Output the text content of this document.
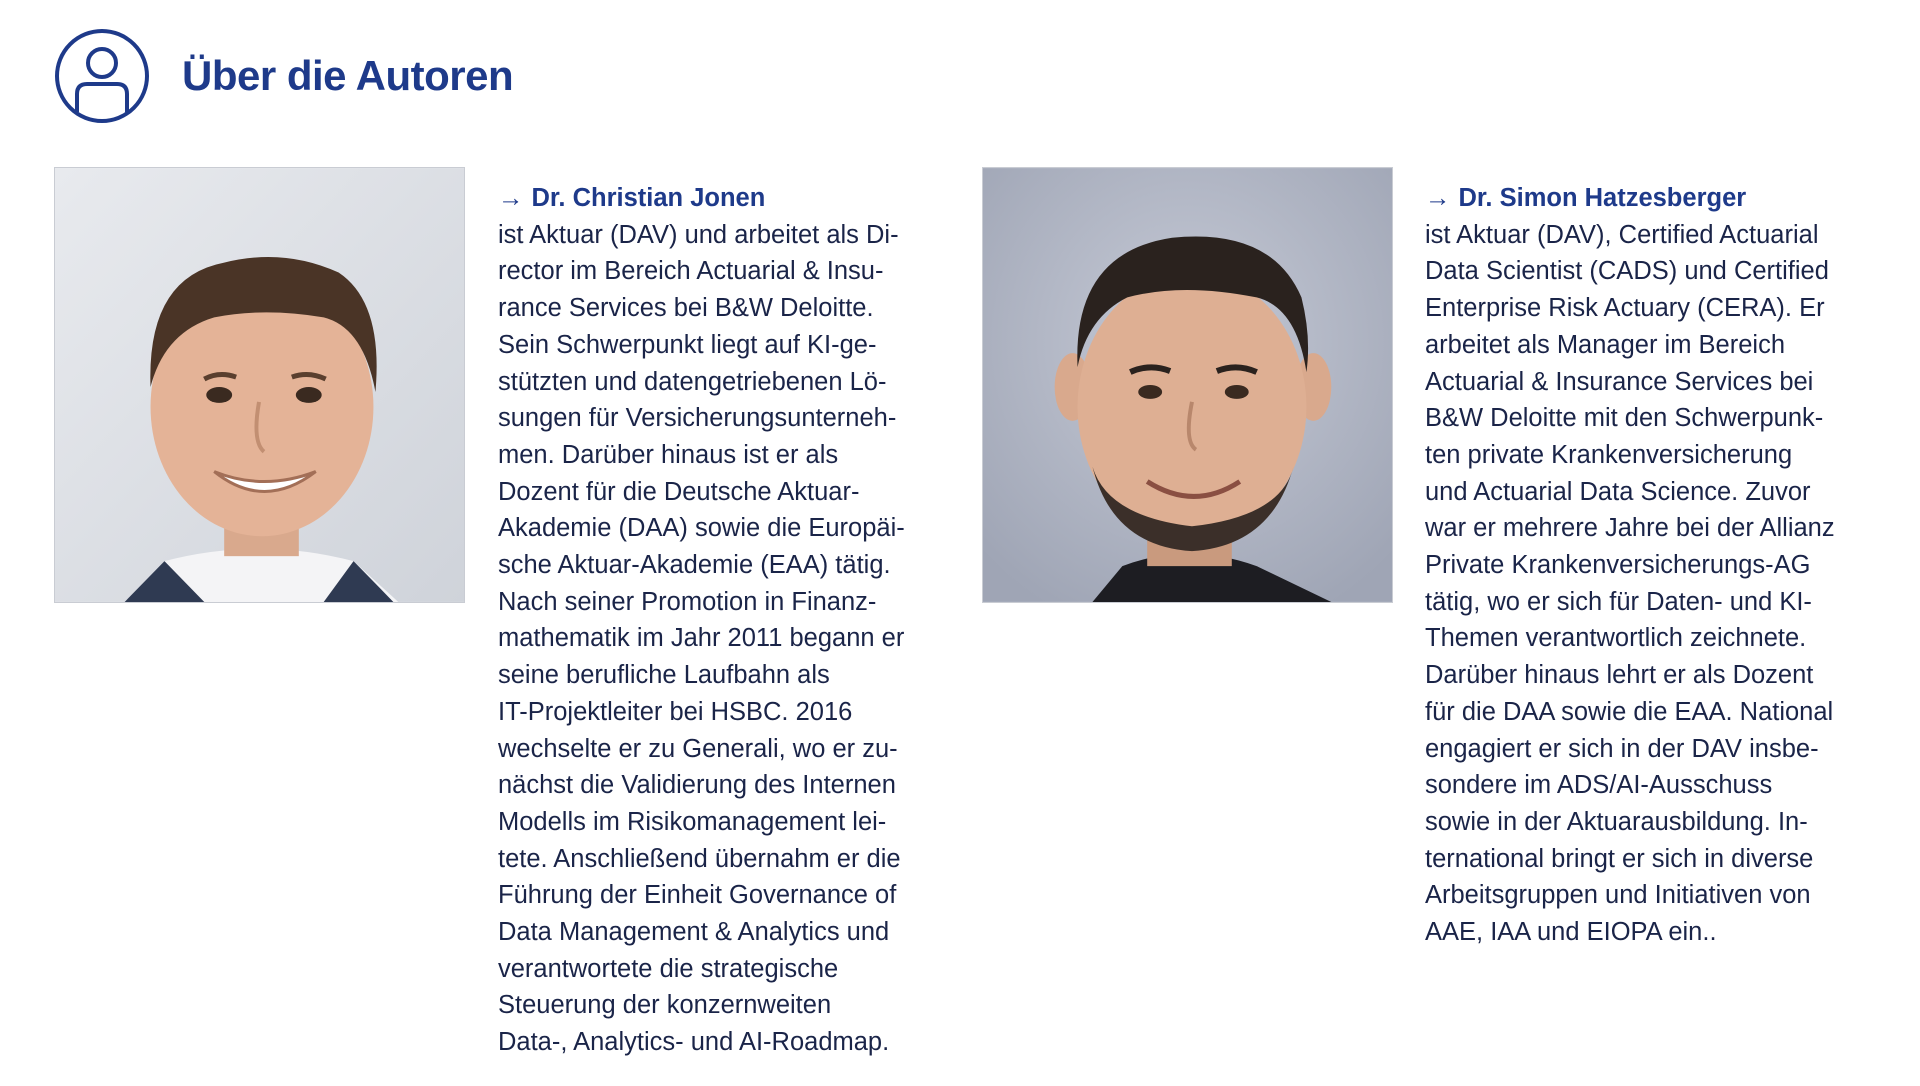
Über die Autoren
→ Dr. Christian Jonen
ist Aktuar (DAV) und arbeitet als Di-
rector im Bereich Actuarial & Insu-
rance Services bei B&W Deloitte.
Sein Schwerpunkt liegt auf KI-ge-
stützten und datengetriebenen Lö-
sungen für Versicherungsunterneh-
men. Darüber hinaus ist er als
Dozent für die Deutsche Aktuar-
Akademie (DAA) sowie die Europäi-
sche Aktuar-Akademie (EAA) tätig.
Nach seiner Promotion in Finanz-
mathematik im Jahr 2011 begann er
seine berufliche Laufbahn als
IT-Projektleiter bei HSBC. 2016
wechselte er zu Generali, wo er zu-
nächst die Validierung des Internen
Modells im Risikomanagement lei-
tete. Anschließend übernahm er die
Führung der Einheit Governance of
Data Management & Analytics und
verantwortete die strategische
Steuerung der konzernweiten
Data-, Analytics- und AI-Roadmap.
→ Dr. Simon Hatzesberger
ist Aktuar (DAV), Certified Actuarial
Data Scientist (CADS) und Certified
Enterprise Risk Actuary (CERA). Er
arbeitet als Manager im Bereich
Actuarial & Insurance Services bei
B&W Deloitte mit den Schwerpunk-
ten private Krankenversicherung
und Actuarial Data Science. Zuvor
war er mehrere Jahre bei der Allianz
Private Krankenversicherungs-AG
tätig, wo er sich für Daten- und KI-
Themen verantwortlich zeichnete.
Darüber hinaus lehrt er als Dozent
für die DAA sowie die EAA. National
engagiert er sich in der DAV insbe-
sondere im ADS/AI-Ausschuss
sowie in der Aktuarausbildung. In-
ternational bringt er sich in diverse
Arbeitsgruppen und Initiativen von
AAE, IAA und EIOPA ein..
